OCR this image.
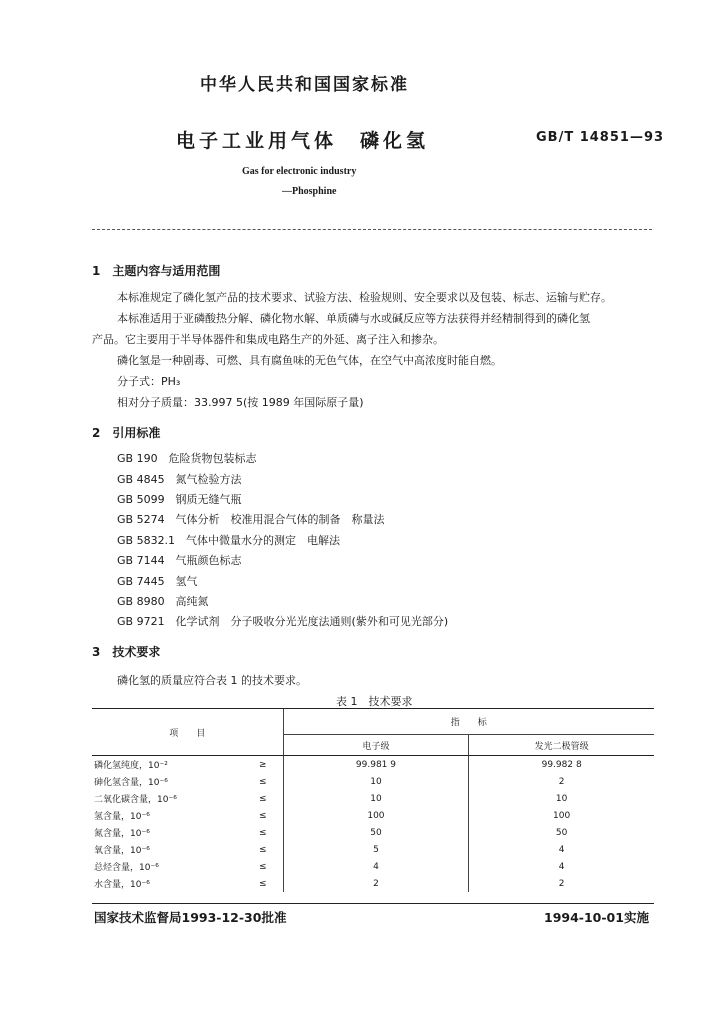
中华人民共和国国家标准
电子工业用气体　磷化氢	GB/T 14851—93
Gas for electronic industry
—Phosphine
1　主题内容与适用范围
本标准规定了磷化氢产品的技术要求、试验方法、检验规则、安全要求以及包装、标志、运输与贮存。
本标准适用于亚磷酸热分解、磷化物水解、单质磷与水或碱反应等方法获得并经精制得到的磷化氢
产品。它主要用于半导体器件和集成电路生产的外延、离子注入和掺杂。
磷化氢是一种剧毒、可燃、具有腐鱼味的无色气体，在空气中高浓度时能自燃。
分子式：PH₃
相对分子质量：33.997 5(按 1989 年国际原子量)
2　引用标准
GB 190　危险货物包装标志
GB 4845　氮气检验方法
GB 5099　钢质无缝气瓶
GB 5274　气体分析　校准用混合气体的制备　称量法
GB 5832.1　气体中微量水分的测定　电解法
GB 7144　气瓶颜色标志
GB 7445　氢气
GB 8980　高纯氮
GB 9721　化学试剂　分子吸收分光光度法通则(紫外和可见光部分)
3　技术要求
磷化氢的质量应符合表 1 的技术要求。
表 1　技术要求
项　　目		指　　标	
		电子级	发光二极管级
磷化氢纯度，10⁻²	≥	99.981 9	99.982 8
砷化氢含量，10⁻⁶	≤	10	2
二氧化碳含量，10⁻⁶	≤	10	10
氢含量，10⁻⁶	≤	100	100
氮含量，10⁻⁶	≤	50	50
氧含量，10⁻⁶	≤	5	4
总烃含量，10⁻⁶	≤	4	4
水含量，10⁻⁶	≤	2	2
国家技术监督局1993-12-30批准	1994-10-01实施
